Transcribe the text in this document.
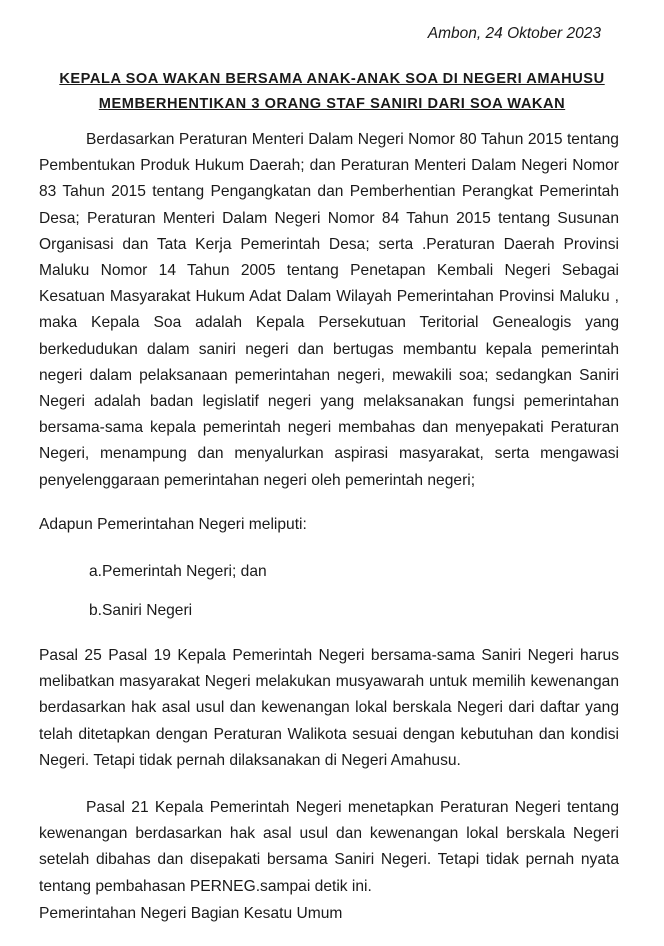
Ambon, 24 Oktober 2023
KEPALA SOA WAKAN BERSAMA ANAK-ANAK SOA DI NEGERI AMAHUSU
MEMBERHENTIKAN 3 ORANG STAF SANIRI DARI SOA WAKAN

Berdasarkan Peraturan Menteri Dalam Negeri Nomor 80 Tahun 2015 tentang Pembentukan Produk Hukum Daerah; dan Peraturan Menteri Dalam Negeri Nomor 83 Tahun 2015 tentang Pengangkatan dan Pemberhentian Perangkat Pemerintah Desa; Peraturan Menteri Dalam Negeri Nomor 84 Tahun 2015 tentang Susunan Organisasi dan Tata Kerja Pemerintah Desa; serta .Peraturan Daerah Provinsi Maluku Nomor 14 Tahun 2005 tentang Penetapan Kembali Negeri Sebagai Kesatuan Masyarakat Hukum Adat Dalam Wilayah Pemerintahan Provinsi Maluku , maka Kepala Soa adalah Kepala Persekutuan Teritorial Genealogis yang berkedudukan dalam saniri negeri dan bertugas membantu kepala pemerintah negeri dalam pelaksanaan pemerintahan negeri, mewakili soa; sedangkan Saniri Negeri adalah badan legislatif negeri yang melaksanakan fungsi pemerintahan bersama-sama kepala pemerintah negeri membahas dan menyepakati Peraturan Negeri, menampung dan menyalurkan aspirasi masyarakat, serta mengawasi penyelenggaraan pemerintahan negeri oleh pemerintah negeri;

Adapun Pemerintahan Negeri meliputi:

a.Pemerintah Negeri; dan

b.Saniri Negeri

Pasal 25 Pasal 19 Kepala Pemerintah Negeri bersama-sama Saniri Negeri harus melibatkan masyarakat Negeri melakukan musyawarah untuk memilih kewenangan berdasarkan hak asal usul dan kewenangan lokal berskala Negeri dari daftar yang telah ditetapkan dengan Peraturan Walikota sesuai dengan kebutuhan dan kondisi Negeri. Tetapi tidak pernah dilaksanakan di Negeri Amahusu.

Pasal 21 Kepala Pemerintah Negeri menetapkan Peraturan Negeri tentang kewenangan berdasarkan hak asal usul dan kewenangan lokal berskala Negeri setelah dibahas dan disepakati bersama Saniri Negeri. Tetapi tidak pernah nyata tentang pembahasan PERNEG.sampai detik ini.

Pemerintahan Negeri Bagian Kesatu Umum
